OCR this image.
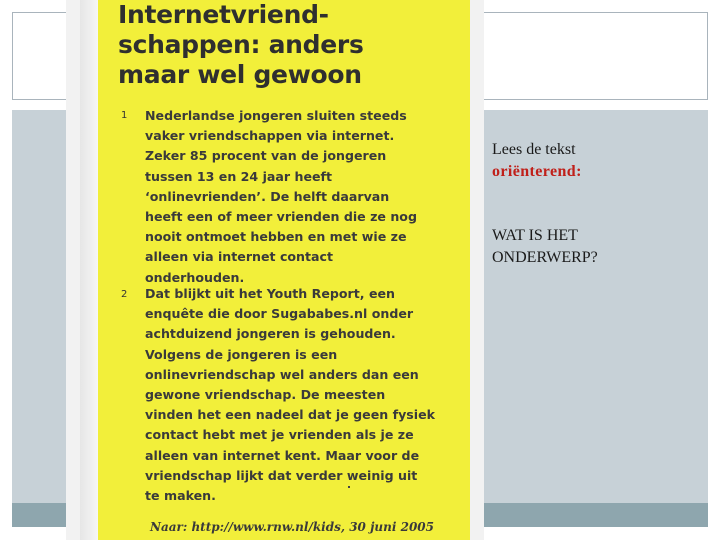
Internetvriend-
schappen: anders
maar wel gewoon
1 Nederlandse jongeren sluiten steeds
vaker vriendschappen via internet.
Zeker 85 procent van de jongeren
tussen 13 en 24 jaar heeft
‘onlinevrienden’. De helft daarvan
heeft een of meer vrienden die ze nog
nooit ontmoet hebben en met wie ze
alleen via internet contact
onderhouden.
2 Dat blijkt uit het Youth Report, een
enquête die door Sugababes.nl onder
achtduizend jongeren is gehouden.
Volgens de jongeren is een
onlinevriendschap wel anders dan een
gewone vriendschap. De meesten
vinden het een nadeel dat je geen fysiek
contact hebt met je vrienden als je ze
alleen van internet kent. Maar voor de
vriendschap lijkt dat verder weinig uit
te maken.
Naar: http://www.rnw.nl/kids, 30 juni 2005
Lees de tekst
oriënterend:
WAT IS HET
ONDERWERP?
